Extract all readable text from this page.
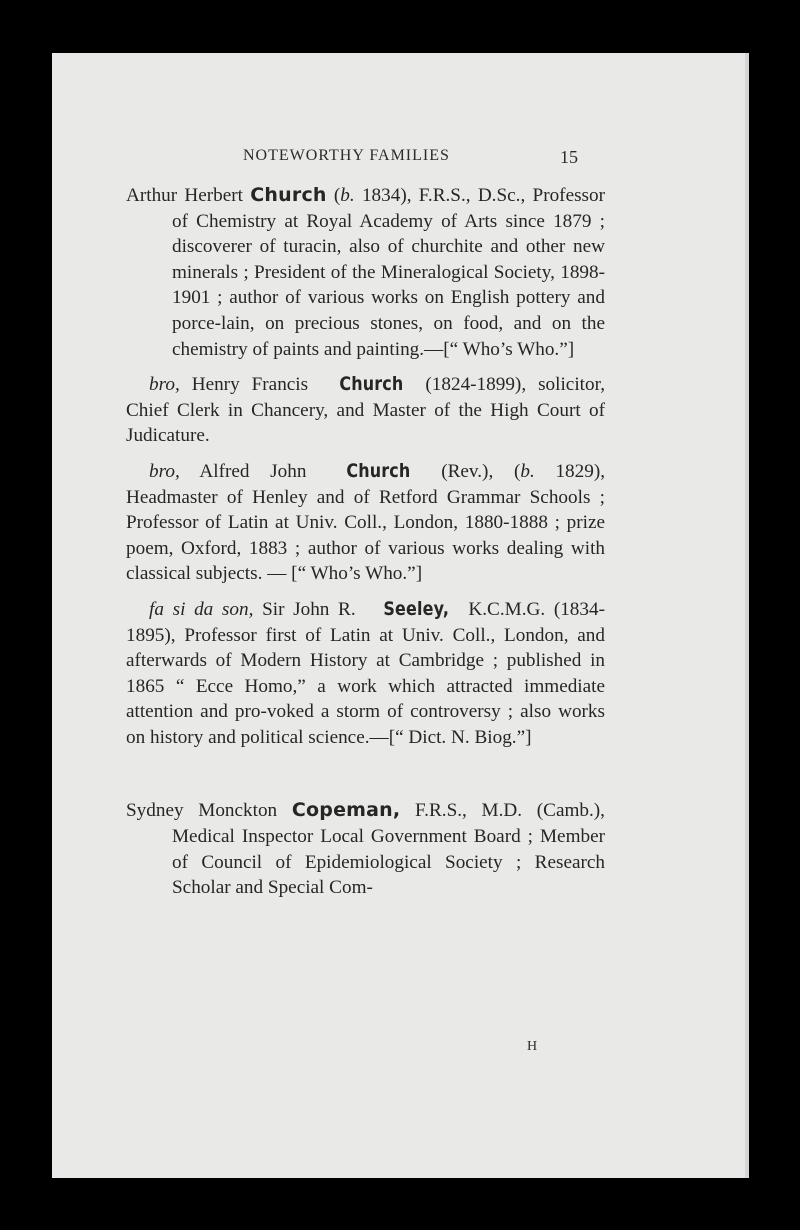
NOTEWORTHY FAMILIES	15

Arthur Herbert Church (b. 1834), F.R.S., D.Sc., Professor of Chemistry at Royal Academy of Arts since 1879 ; discoverer of turacin, also of churchite and other new minerals ; President of the Mineralogical Society, 1898-1901 ; author of various works on English pottery and porce-lain, on precious stones, on food, and on the chemistry of paints and painting.—[“ Who’s Who.”]

bro, Henry Francis Church (1824-1899), solicitor, Chief Clerk in Chancery, and Master of the High Court of Judicature.

bro, Alfred John Church (Rev.), (b. 1829), Headmaster of Henley and of Retford Grammar Schools ; Professor of Latin at Univ. Coll., London, 1880-1888 ; prize poem, Oxford, 1883 ; author of various works dealing with classical subjects. — [“ Who’s Who.”]

fa si da son, Sir John R. Seeley, K.C.M.G. (1834-1895), Professor first of Latin at Univ. Coll., London, and afterwards of Modern History at Cambridge ; published in 1865 “ Ecce Homo,” a work which attracted immediate attention and pro-voked a storm of controversy ; also works on history and political science.—[“ Dict. N. Biog.”]

Sydney Monckton Copeman, F.R.S., M.D. (Camb.), Medical Inspector Local Government Board ; Member of Council of Epidemiological Society ; Research Scholar and Special Com-

H
